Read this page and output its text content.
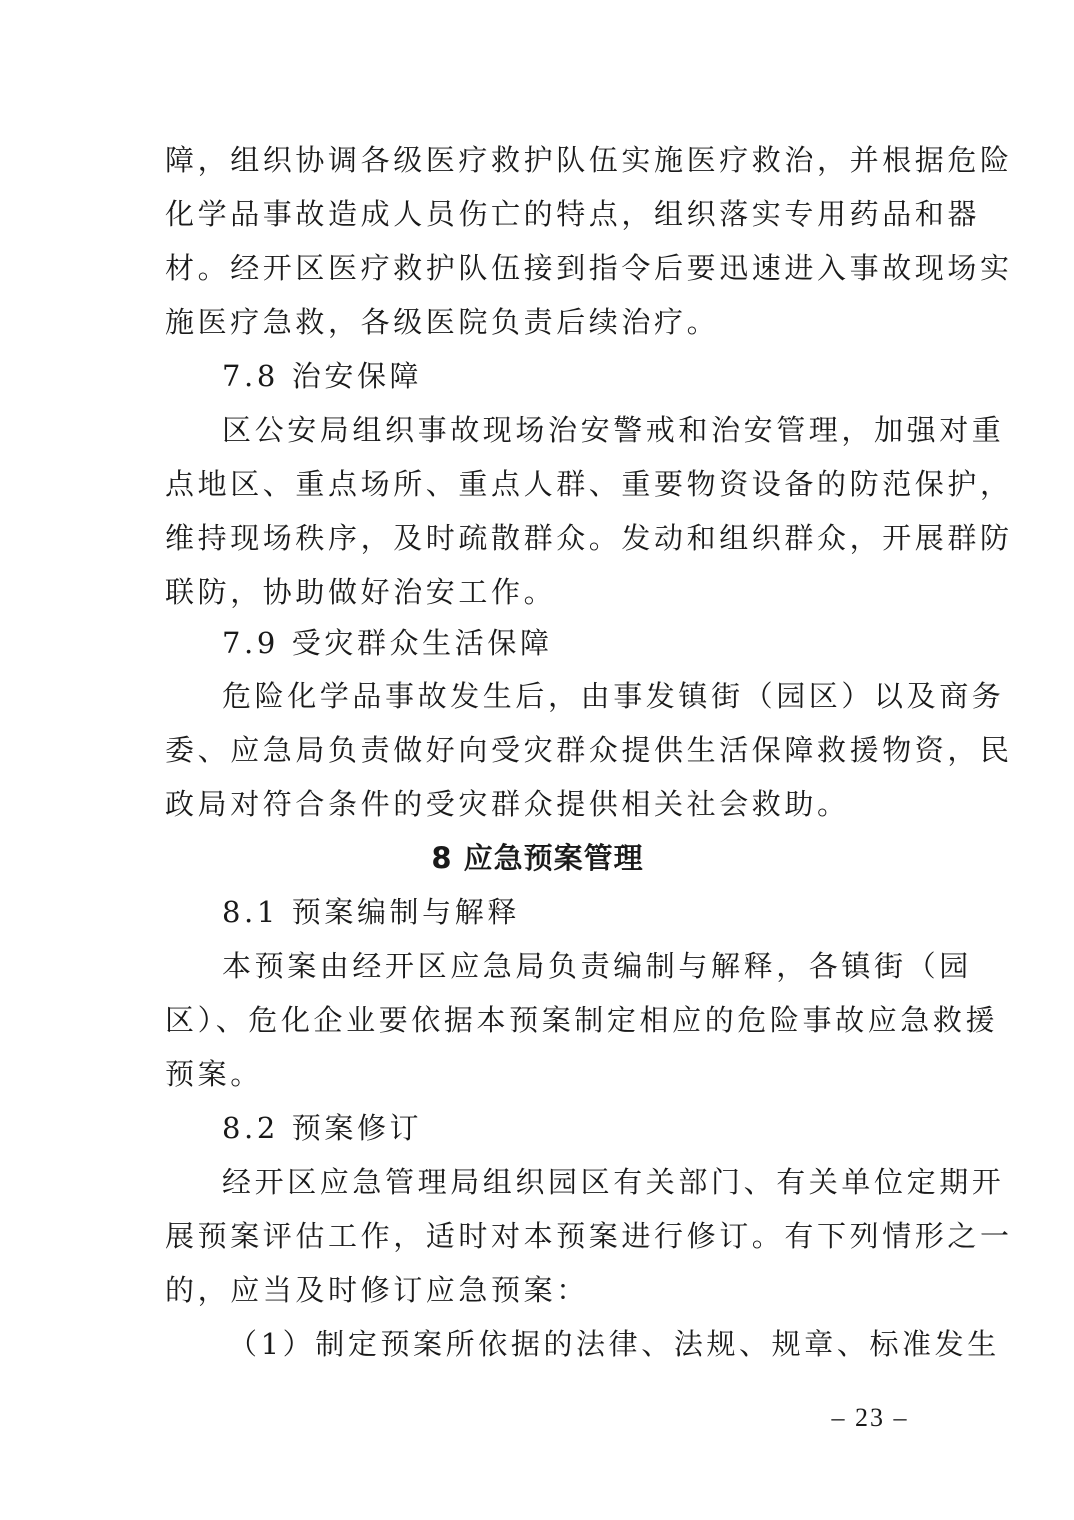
障，组织协调各级医疗救护队伍实施医疗救治，并根据危险
化学品事故造成人员伤亡的特点，组织落实专用药品和器
材。经开区医疗救护队伍接到指令后要迅速进入事故现场实
施医疗急救，各级医院负责后续治疗。
7.8 治安保障
区公安局组织事故现场治安警戒和治安管理，加强对重
点地区、重点场所、重点人群、重要物资设备的防范保护，
维持现场秩序，及时疏散群众。发动和组织群众，开展群防
联防，协助做好治安工作。
7.9 受灾群众生活保障
危险化学品事故发生后，由事发镇街（园区）以及商务
委、应急局负责做好向受灾群众提供生活保障救援物资，民
政局对符合条件的受灾群众提供相关社会救助。
8 应急预案管理
8.1 预案编制与解释
本预案由经开区应急局负责编制与解释，各镇街（园
区）、危化企业要依据本预案制定相应的危险事故应急救援
预案。
8.2 预案修订
经开区应急管理局组织园区有关部门、有关单位定期开
展预案评估工作，适时对本预案进行修订。有下列情形之一
的，应当及时修订应急预案：
（1）制定预案所依据的法律、法规、规章、标准发生
– 23 –
